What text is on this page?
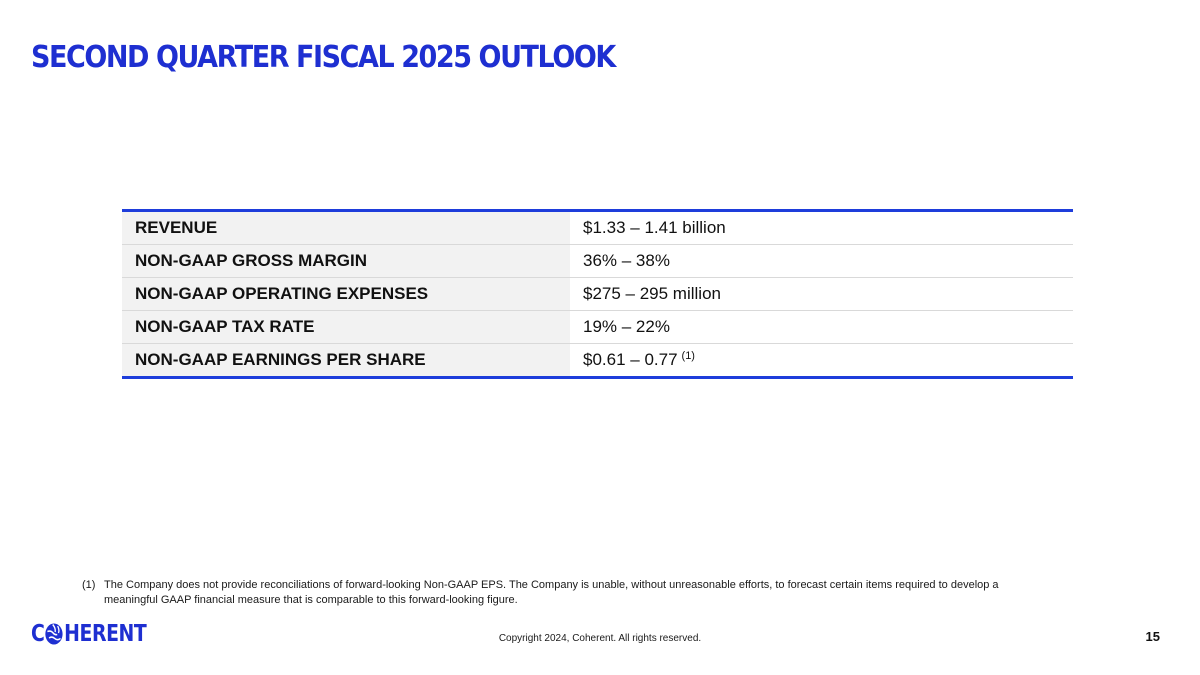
SECOND QUARTER FISCAL 2025 OUTLOOK
REVENUE	$1.33 – 1.41 billion
NON-GAAP GROSS MARGIN	36% – 38%
NON-GAAP OPERATING EXPENSES	$275 – 295 million
NON-GAAP TAX RATE	19% – 22%
NON-GAAP EARNINGS PER SHARE	$0.61 – 0.77 $^{(1)}$
(1) The Company does not provide reconciliations of forward-looking Non-GAAP EPS. The Company is unable, without unreasonable efforts, to forecast certain items required to develop a meaningful GAAP financial measure that is comparable to this forward-looking figure.
C HERENT	Copyright 2024, Coherent. All rights reserved.	15
